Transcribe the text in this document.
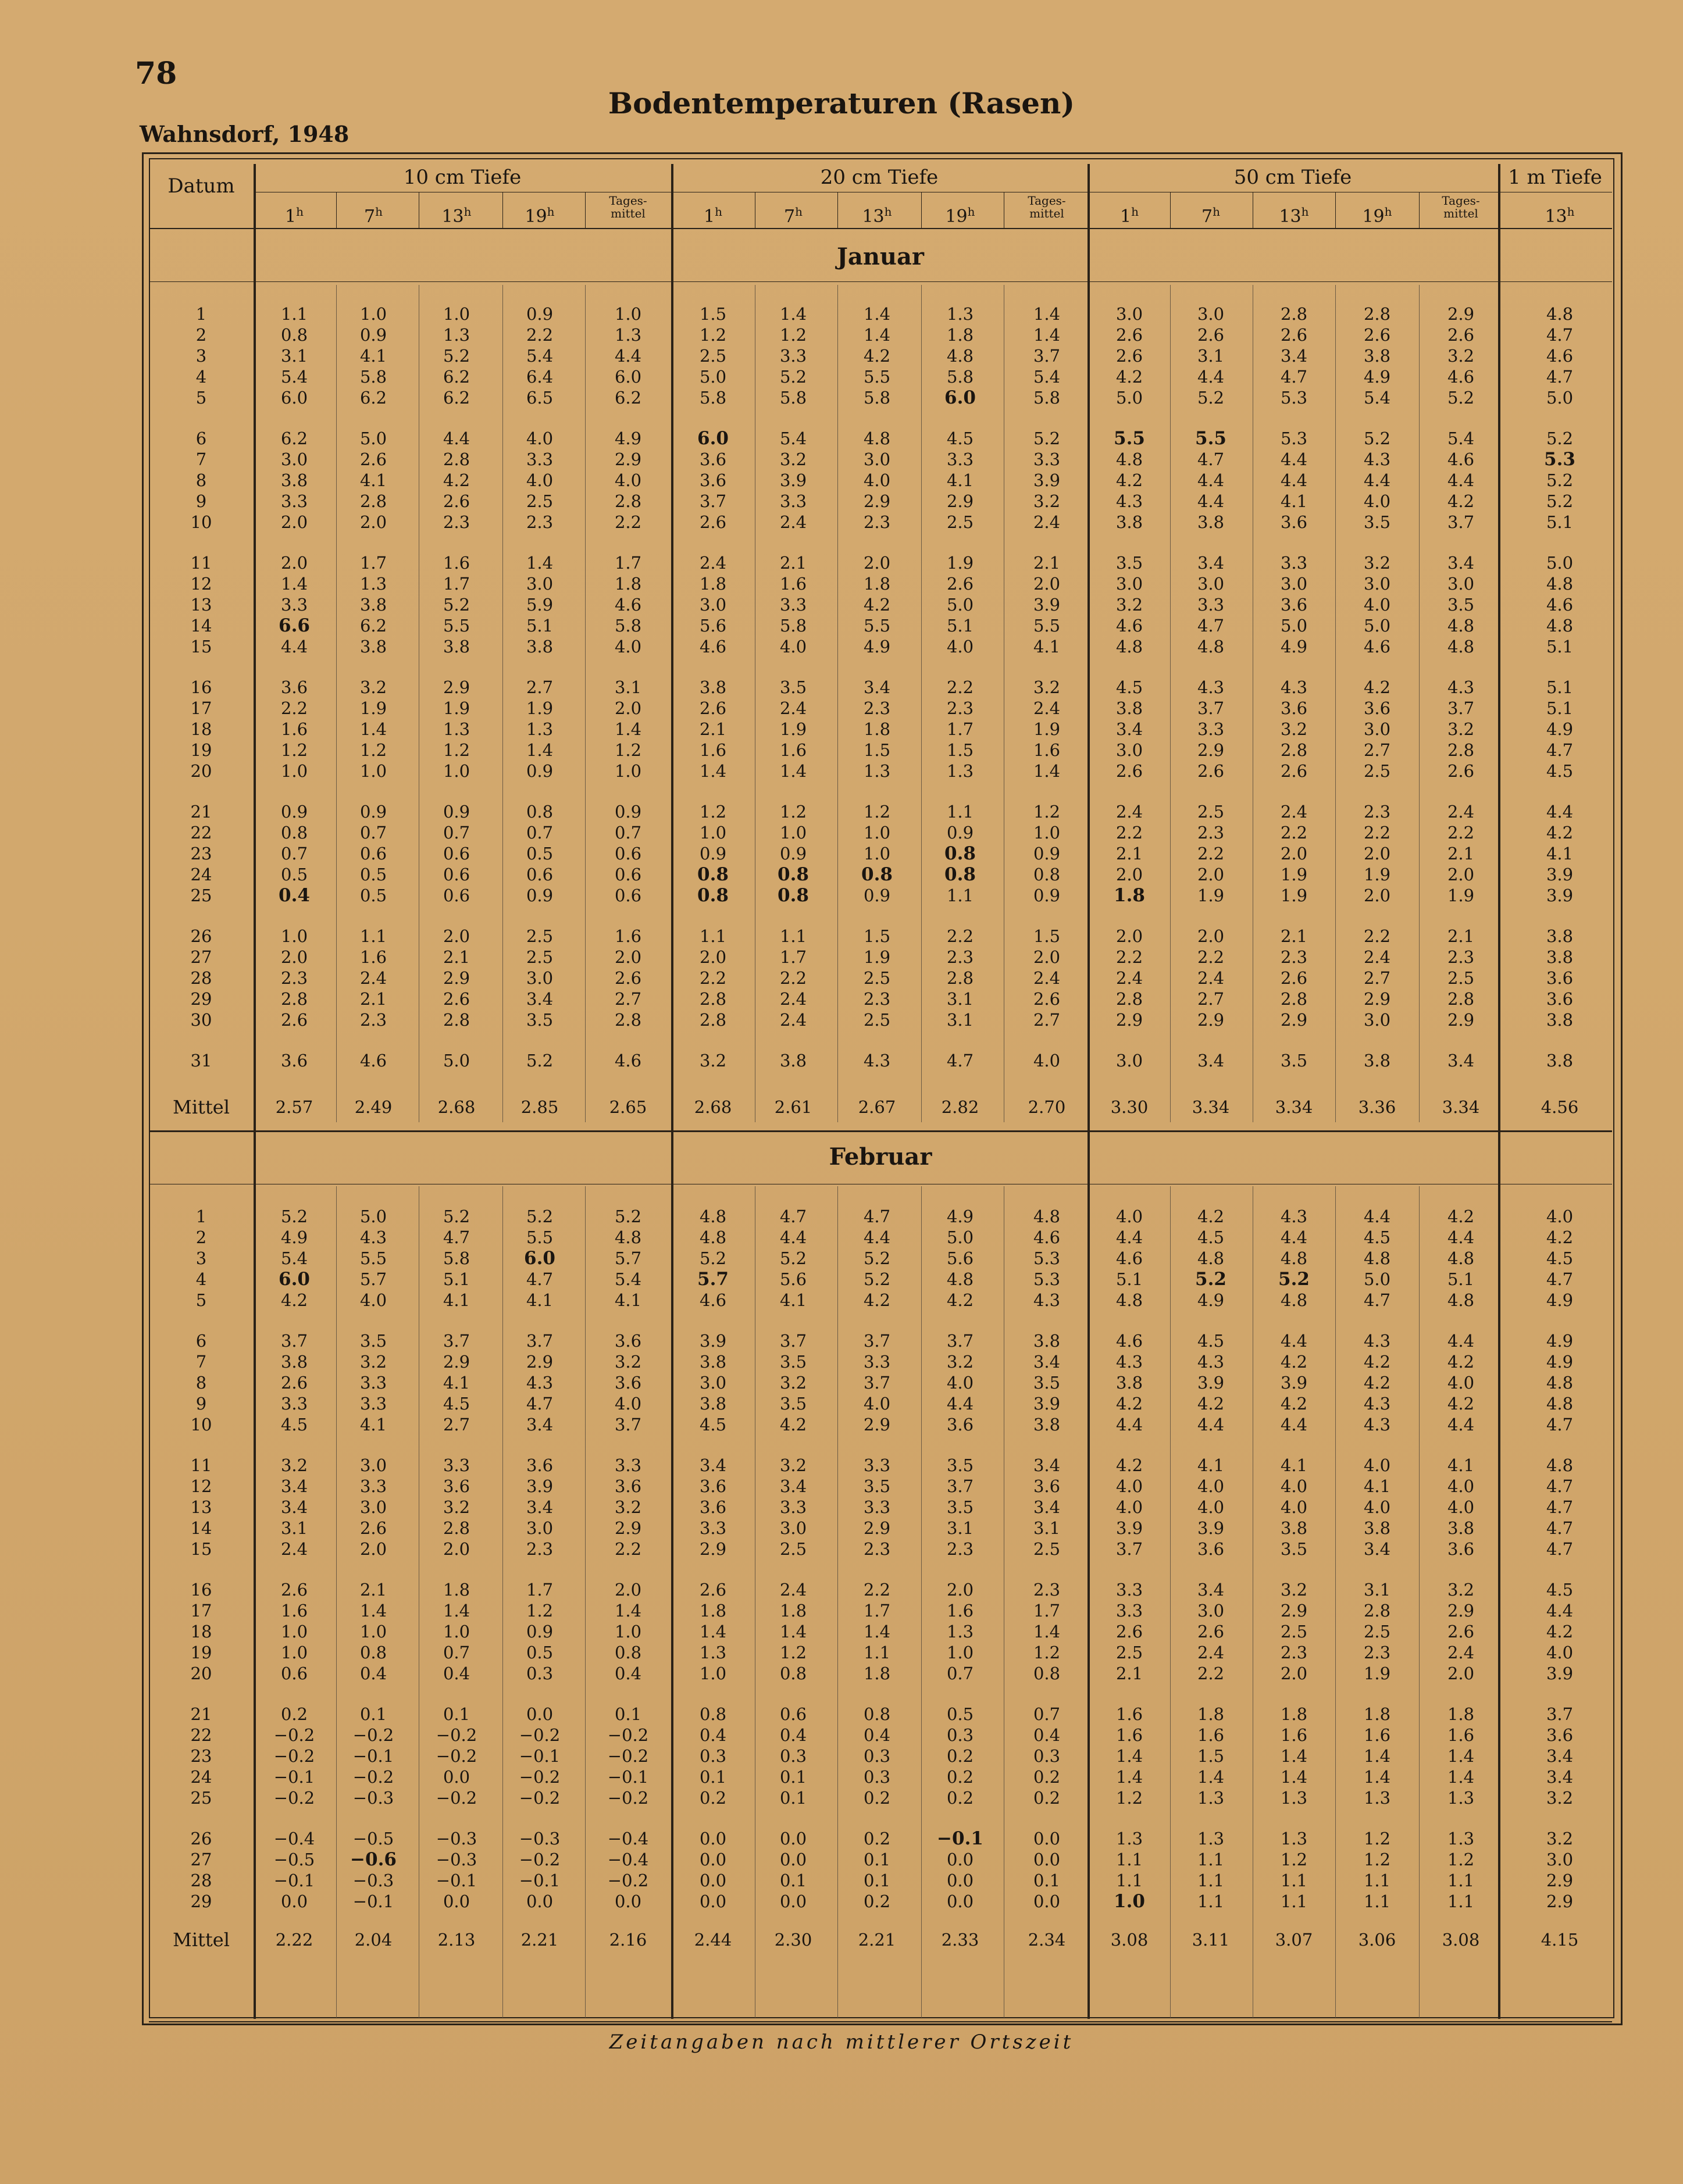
78
Bodentemperaturen (Rasen)
Wahnsdorf, 1948
Datum	10 cm Tiefe	20 cm Tiefe	50 cm Tiefe	1 m Tiefe
1$^h$	7$^h$	13$^h$	19$^h$
Tages- mittel	1$^h$	7$^h$	13$^h$	19$^h$
Tages- mittel	1$^h$	7$^h$	13$^h$	19$^h$
Tages- mittel	13$^h$
Januar
1	1.1	1.0	1.0	0.9	1.0	1.5	1.4	1.4	1.3	1.4	3.0	3.0	2.8	2.8	2.9	4.8
2	0.8	0.9	1.3	2.2	1.3	1.2	1.2	1.4	1.8	1.4	2.6	2.6	2.6	2.6	2.6	4.7
3	3.1	4.1	5.2	5.4	4.4	2.5	3.3	4.2	4.8	3.7	2.6	3.1	3.4	3.8	3.2	4.6
4	5.4	5.8	6.2	6.4	6.0	5.0	5.2	5.5	5.8	5.4	4.2	4.4	4.7	4.9	4.6	4.7
5	6.0	6.2	6.2	6.5	6.2	5.8	5.8	5.8	6.0	5.8	5.0	5.2	5.3	5.4	5.2	5.0
6	6.2	5.0	4.4	4.0	4.9	6.0	5.4	4.8	4.5	5.2	5.5	5.5	5.3	5.2	5.4	5.2
7	3.0	2.6	2.8	3.3	2.9	3.6	3.2	3.0	3.3	3.3	4.8	4.7	4.4	4.3	4.6	5.3
8	3.8	4.1	4.2	4.0	4.0	3.6	3.9	4.0	4.1	3.9	4.2	4.4	4.4	4.4	4.4	5.2
9	3.3	2.8	2.6	2.5	2.8	3.7	3.3	2.9	2.9	3.2	4.3	4.4	4.1	4.0	4.2	5.2
10	2.0	2.0	2.3	2.3	2.2	2.6	2.4	2.3	2.5	2.4	3.8	3.8	3.6	3.5	3.7	5.1
11	2.0	1.7	1.6	1.4	1.7	2.4	2.1	2.0	1.9	2.1	3.5	3.4	3.3	3.2	3.4	5.0
12	1.4	1.3	1.7	3.0	1.8	1.8	1.6	1.8	2.6	2.0	3.0	3.0	3.0	3.0	3.0	4.8
13	3.3	3.8	5.2	5.9	4.6	3.0	3.3	4.2	5.0	3.9	3.2	3.3	3.6	4.0	3.5	4.6
14	6.6	6.2	5.5	5.1	5.8	5.6	5.8	5.5	5.1	5.5	4.6	4.7	5.0	5.0	4.8	4.8
15	4.4	3.8	3.8	3.8	4.0	4.6	4.0	4.9	4.0	4.1	4.8	4.8	4.9	4.6	4.8	5.1
16	3.6	3.2	2.9	2.7	3.1	3.8	3.5	3.4	2.2	3.2	4.5	4.3	4.3	4.2	4.3	5.1
17	2.2	1.9	1.9	1.9	2.0	2.6	2.4	2.3	2.3	2.4	3.8	3.7	3.6	3.6	3.7	5.1
18	1.6	1.4	1.3	1.3	1.4	2.1	1.9	1.8	1.7	1.9	3.4	3.3	3.2	3.0	3.2	4.9
19	1.2	1.2	1.2	1.4	1.2	1.6	1.6	1.5	1.5	1.6	3.0	2.9	2.8	2.7	2.8	4.7
20	1.0	1.0	1.0	0.9	1.0	1.4	1.4	1.3	1.3	1.4	2.6	2.6	2.6	2.5	2.6	4.5
21	0.9	0.9	0.9	0.8	0.9	1.2	1.2	1.2	1.1	1.2	2.4	2.5	2.4	2.3	2.4	4.4
22	0.8	0.7	0.7	0.7	0.7	1.0	1.0	1.0	0.9	1.0	2.2	2.3	2.2	2.2	2.2	4.2
23	0.7	0.6	0.6	0.5	0.6	0.9	0.9	1.0	0.8	0.9	2.1	2.2	2.0	2.0	2.1	4.1
24	0.5	0.5	0.6	0.6	0.6	0.8	0.8	0.8	0.8	0.8	2.0	2.0	1.9	1.9	2.0	3.9
25	0.4	0.5	0.6	0.9	0.6	0.8	0.8	0.9	1.1	0.9	1.8	1.9	1.9	2.0	1.9	3.9
26	1.0	1.1	2.0	2.5	1.6	1.1	1.1	1.5	2.2	1.5	2.0	2.0	2.1	2.2	2.1	3.8
27	2.0	1.6	2.1	2.5	2.0	2.0	1.7	1.9	2.3	2.0	2.2	2.2	2.3	2.4	2.3	3.8
28	2.3	2.4	2.9	3.0	2.6	2.2	2.2	2.5	2.8	2.4	2.4	2.4	2.6	2.7	2.5	3.6
29	2.8	2.1	2.6	3.4	2.7	2.8	2.4	2.3	3.1	2.6	2.8	2.7	2.8	2.9	2.8	3.6
30	2.6	2.3	2.8	3.5	2.8	2.8	2.4	2.5	3.1	2.7	2.9	2.9	2.9	3.0	2.9	3.8
31	3.6	4.6	5.0	5.2	4.6	3.2	3.8	4.3	4.7	4.0	3.0	3.4	3.5	3.8	3.4	3.8
Mittel	2.57	2.49	2.68	2.85	2.65	2.68	2.61	2.67	2.82	2.70	3.30	3.34	3.34	3.36	3.34	4.56
Februar
1	5.2	5.0	5.2	5.2	5.2	4.8	4.7	4.7	4.9	4.8	4.0	4.2	4.3	4.4	4.2	4.0
2	4.9	4.3	4.7	5.5	4.8	4.8	4.4	4.4	5.0	4.6	4.4	4.5	4.4	4.5	4.4	4.2
3	5.4	5.5	5.8	6.0	5.7	5.2	5.2	5.2	5.6	5.3	4.6	4.8	4.8	4.8	4.8	4.5
4	6.0	5.7	5.1	4.7	5.4	5.7	5.6	5.2	4.8	5.3	5.1	5.2	5.2	5.0	5.1	4.7
5	4.2	4.0	4.1	4.1	4.1	4.6	4.1	4.2	4.2	4.3	4.8	4.9	4.8	4.7	4.8	4.9
6	3.7	3.5	3.7	3.7	3.6	3.9	3.7	3.7	3.7	3.8	4.6	4.5	4.4	4.3	4.4	4.9
7	3.8	3.2	2.9	2.9	3.2	3.8	3.5	3.3	3.2	3.4	4.3	4.3	4.2	4.2	4.2	4.9
8	2.6	3.3	4.1	4.3	3.6	3.0	3.2	3.7	4.0	3.5	3.8	3.9	3.9	4.2	4.0	4.8
9	3.3	3.3	4.5	4.7	4.0	3.8	3.5	4.0	4.4	3.9	4.2	4.2	4.2	4.3	4.2	4.8
10	4.5	4.1	2.7	3.4	3.7	4.5	4.2	2.9	3.6	3.8	4.4	4.4	4.4	4.3	4.4	4.7
11	3.2	3.0	3.3	3.6	3.3	3.4	3.2	3.3	3.5	3.4	4.2	4.1	4.1	4.0	4.1	4.8
12	3.4	3.3	3.6	3.9	3.6	3.6	3.4	3.5	3.7	3.6	4.0	4.0	4.0	4.1	4.0	4.7
13	3.4	3.0	3.2	3.4	3.2	3.6	3.3	3.3	3.5	3.4	4.0	4.0	4.0	4.0	4.0	4.7
14	3.1	2.6	2.8	3.0	2.9	3.3	3.0	2.9	3.1	3.1	3.9	3.9	3.8	3.8	3.8	4.7
15	2.4	2.0	2.0	2.3	2.2	2.9	2.5	2.3	2.3	2.5	3.7	3.6	3.5	3.4	3.6	4.7
16	2.6	2.1	1.8	1.7	2.0	2.6	2.4	2.2	2.0	2.3	3.3	3.4	3.2	3.1	3.2	4.5
17	1.6	1.4	1.4	1.2	1.4	1.8	1.8	1.7	1.6	1.7	3.3	3.0	2.9	2.8	2.9	4.4
18	1.0	1.0	1.0	0.9	1.0	1.4	1.4	1.4	1.3	1.4	2.6	2.6	2.5	2.5	2.6	4.2
19	1.0	0.8	0.7	0.5	0.8	1.3	1.2	1.1	1.0	1.2	2.5	2.4	2.3	2.3	2.4	4.0
20	0.6	0.4	0.4	0.3	0.4	1.0	0.8	1.8	0.7	0.8	2.1	2.2	2.0	1.9	2.0	3.9
21	0.2	0.1	0.1	0.0	0.1	0.8	0.6	0.8	0.5	0.7	1.6	1.8	1.8	1.8	1.8	3.7
22	−0.2	−0.2	−0.2	−0.2	−0.2	0.4	0.4	0.4	0.3	0.4	1.6	1.6	1.6	1.6	1.6	3.6
23	−0.2	−0.1	−0.2	−0.1	−0.2	0.3	0.3	0.3	0.2	0.3	1.4	1.5	1.4	1.4	1.4	3.4
24	−0.1	−0.2	0.0	−0.2	−0.1	0.1	0.1	0.3	0.2	0.2	1.4	1.4	1.4	1.4	1.4	3.4
25	−0.2	−0.3	−0.2	−0.2	−0.2	0.2	0.1	0.2	0.2	0.2	1.2	1.3	1.3	1.3	1.3	3.2
26	−0.4	−0.5	−0.3	−0.3	−0.4	0.0	0.0	0.2	−0.1	0.0	1.3	1.3	1.3	1.2	1.3	3.2
27	−0.5	−0.6	−0.3	−0.2	−0.4	0.0	0.0	0.1	0.0	0.0	1.1	1.1	1.2	1.2	1.2	3.0
28	−0.1	−0.3	−0.1	−0.1	−0.2	0.0	0.1	0.1	0.0	0.1	1.1	1.1	1.1	1.1	1.1	2.9
29	0.0	−0.1	0.0	0.0	0.0	0.0	0.0	0.2	0.0	0.0	1.0	1.1	1.1	1.1	1.1	2.9
Mittel	2.22	2.04	2.13	2.21	2.16	2.44	2.30	2.21	2.33	2.34	3.08	3.11	3.07	3.06	3.08	4.15
Zeitangaben nach mittlerer Ortszeit
